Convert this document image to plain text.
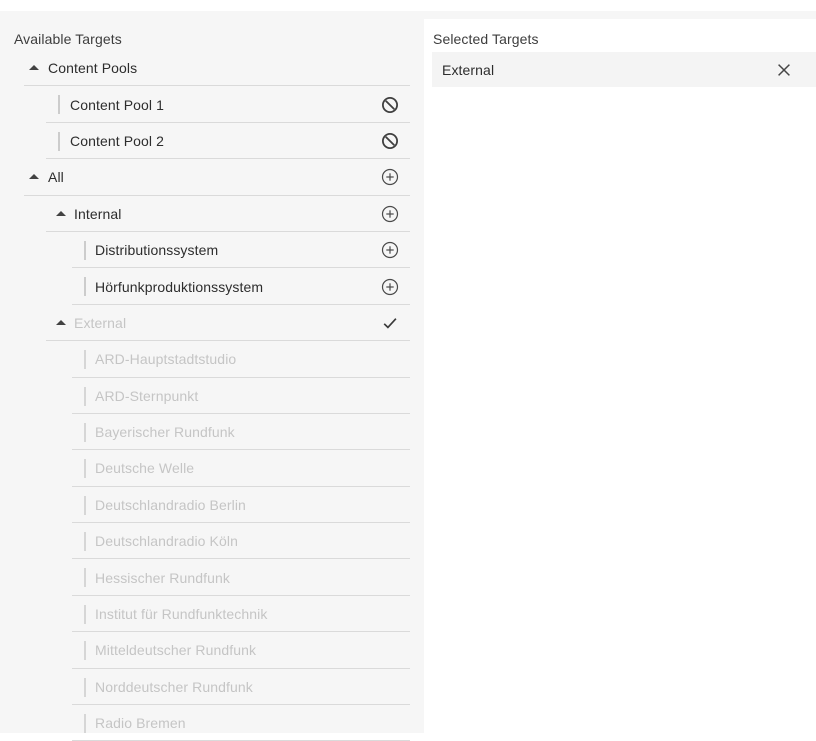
Available Targets
Content Pools
Content Pool 1
Content Pool 2
All
Internal
Distributionssystem
Hörfunkproduktionssystem
External
ARD-Hauptstadtstudio
ARD-Sternpunkt
Bayerischer Rundfunk
Deutsche Welle
Deutschlandradio Berlin
Deutschlandradio Köln
Hessischer Rundfunk
Institut für Rundfunktechnik
Mitteldeutscher Rundfunk
Norddeutscher Rundfunk
Radio Bremen
Selected Targets
External
